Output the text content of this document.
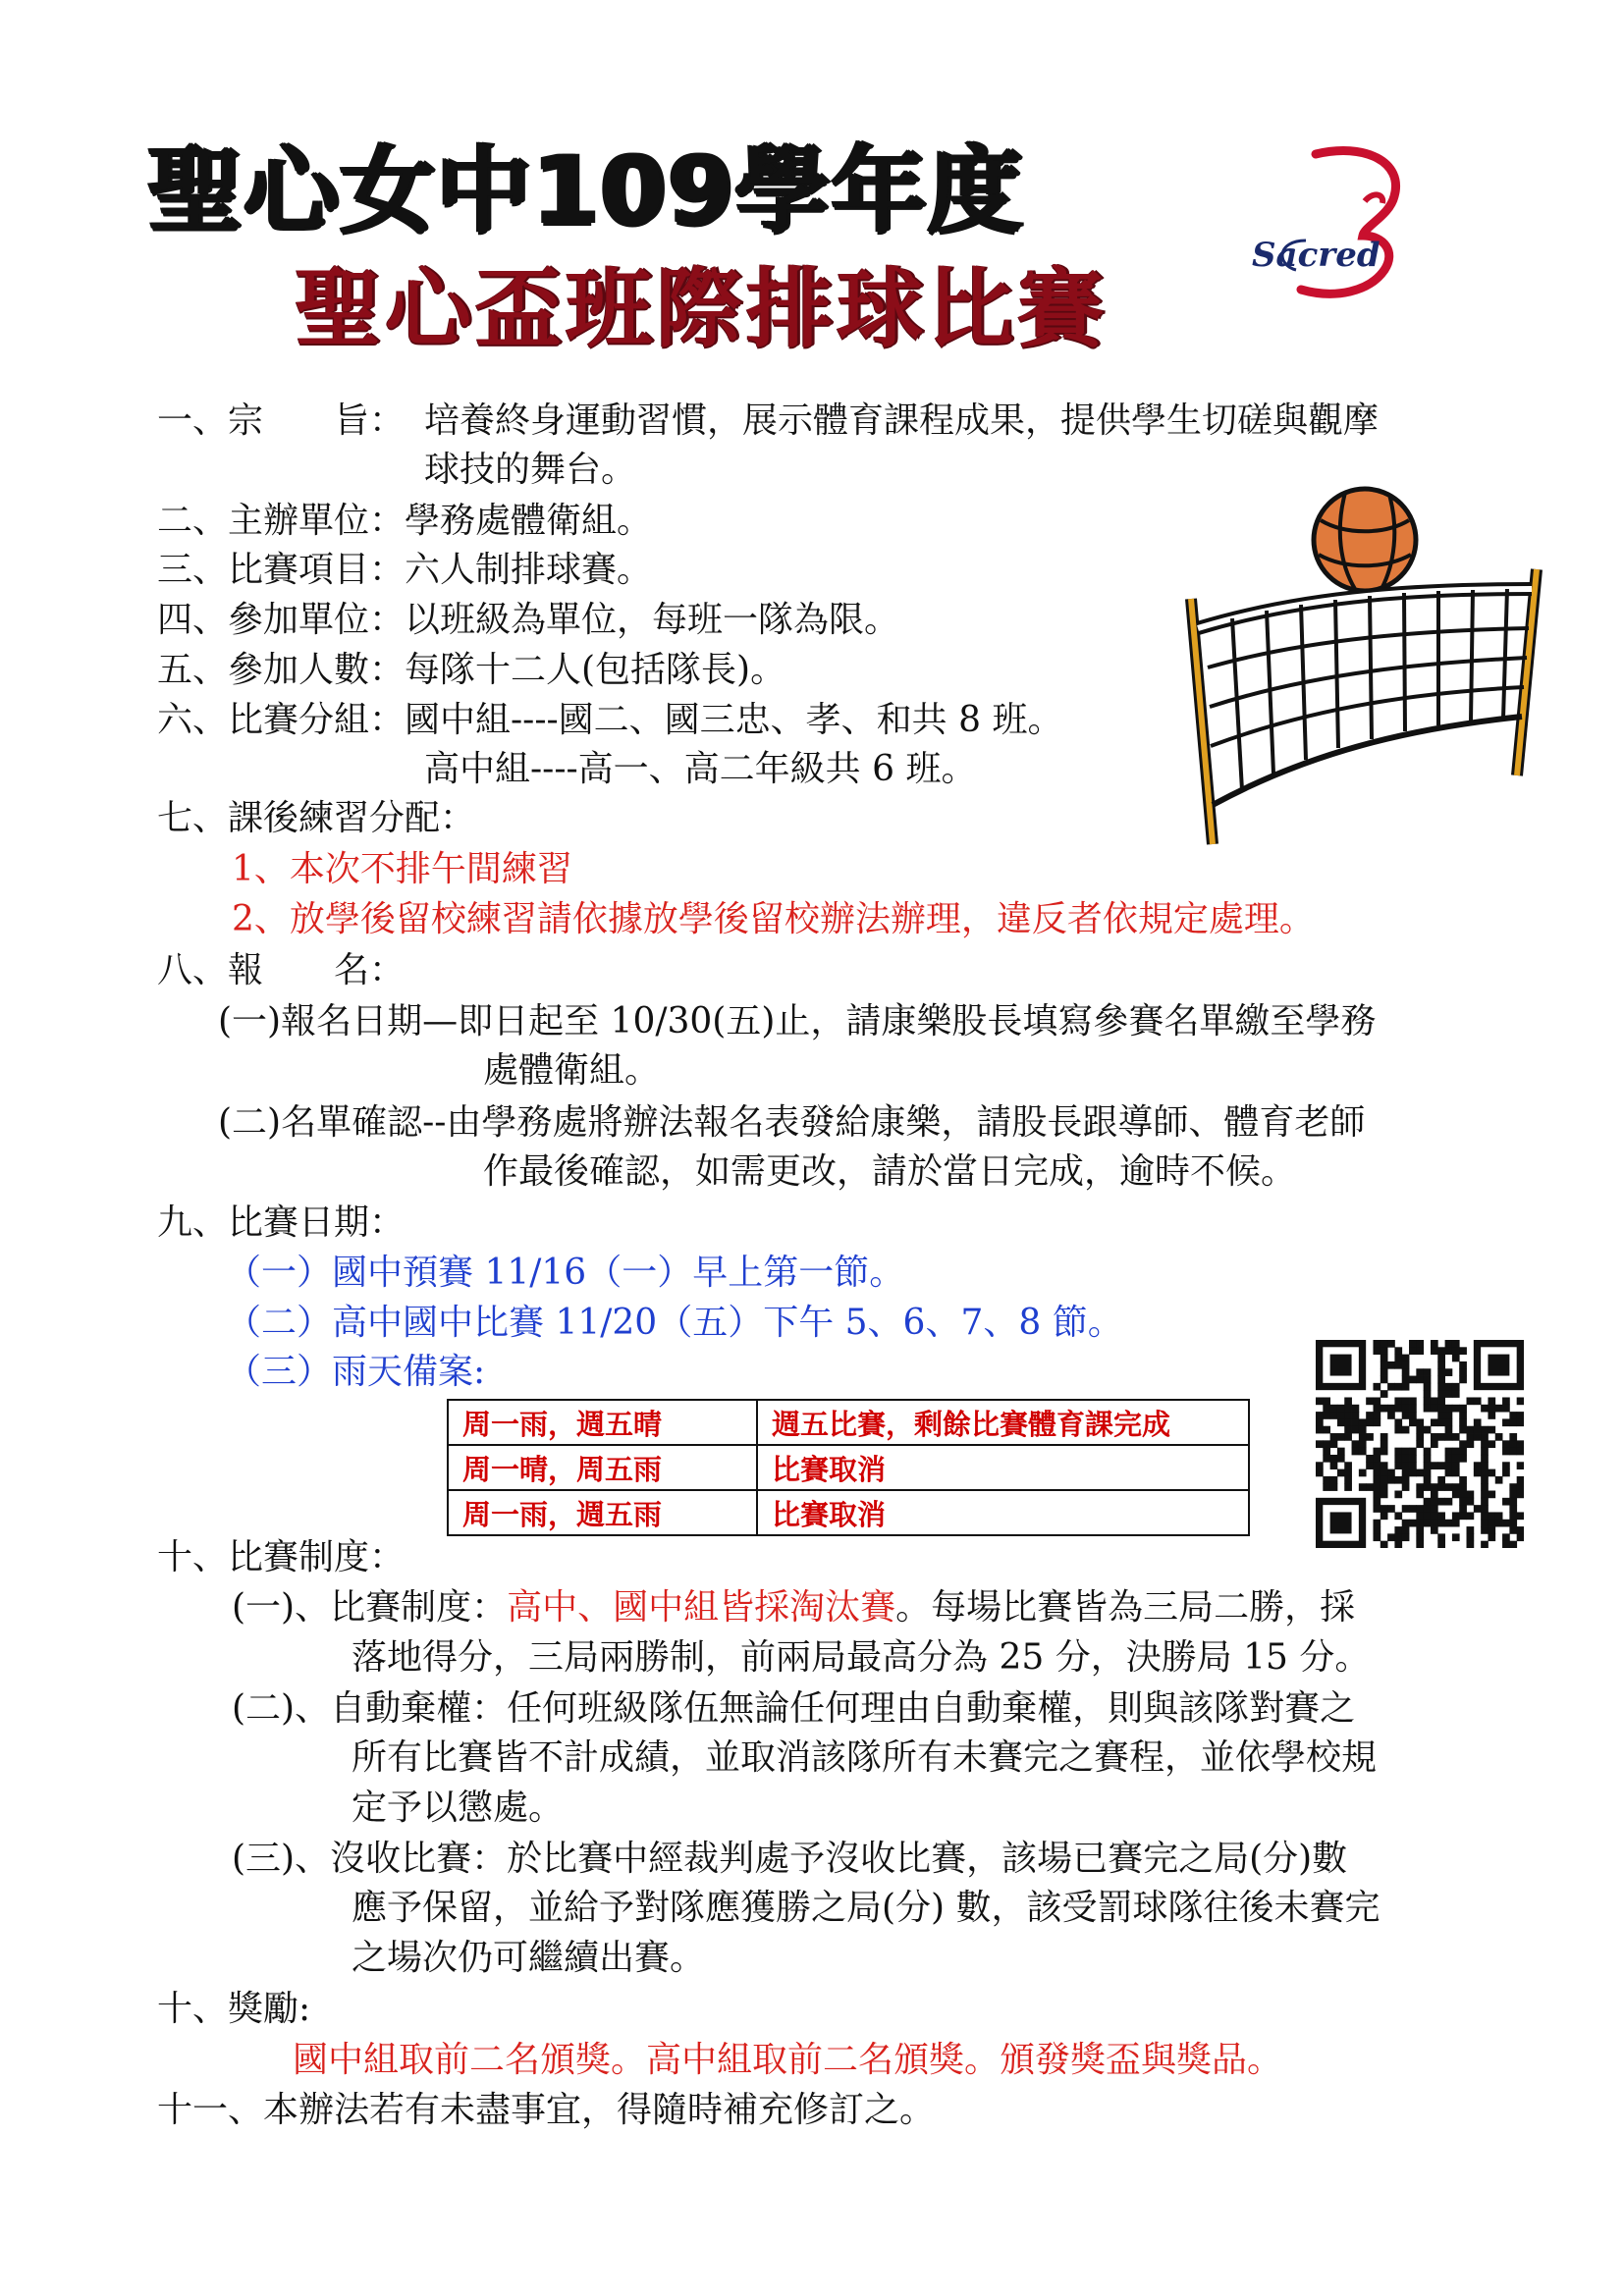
聖心女中109學年度
聖心盃班際排球比賽
Sacred
一、宗　　旨： 培養終身運動習慣，展示體育課程成果，提供學生切磋與觀摩
球技的舞台。
二、主辦單位：學務處體衛組。
三、比賽項目：六人制排球賽。
四、參加單位：以班級為單位，每班一隊為限。
五、參加人數：每隊十二人(包括隊長)。
六、比賽分組：國中組----國二、國三忠、孝、和共 8 班。
高中組----高一、高二年級共 6 班。
七、課後練習分配：
1、本次不排午間練習
2、放學後留校練習請依據放學後留校辦法辦理，違反者依規定處理。
八、報　　名：
(一)報名日期—即日起至 10/30(五)止，請康樂股長填寫參賽名單繳至學務
處體衛組。
(二)名單確認--由學務處將辦法報名表發給康樂，請股長跟導師、體育老師
作最後確認，如需更改，請於當日完成，逾時不候。
九、比賽日期：
（一）國中預賽 11/16（一）早上第一節。
（二）高中國中比賽 11/20（五）下午 5、6、7、8 節。
（三）雨天備案:
周一雨，週五晴	週五比賽，剩餘比賽體育課完成
周一晴，周五雨	比賽取消
周一雨，週五雨	比賽取消
十、比賽制度：
(一)、比賽制度：高中、國中組皆採淘汰賽。每場比賽皆為三局二勝，採
落地得分，三局兩勝制，前兩局最高分為 25 分，決勝局 15 分。
(二)、自動棄權：任何班級隊伍無論任何理由自動棄權，則與該隊對賽之
所有比賽皆不計成績，並取消該隊所有未賽完之賽程，並依學校規
定予以懲處。
(三)、沒收比賽：於比賽中經裁判處予沒收比賽，該場已賽完之局(分)數
應予保留，並給予對隊應獲勝之局(分) 數，該受罰球隊往後未賽完
之場次仍可繼續出賽。
十、獎勵:
國中組取前二名頒獎。高中組取前二名頒獎。頒發獎盃與獎品。
十一、本辦法若有未盡事宜，得隨時補充修訂之。
